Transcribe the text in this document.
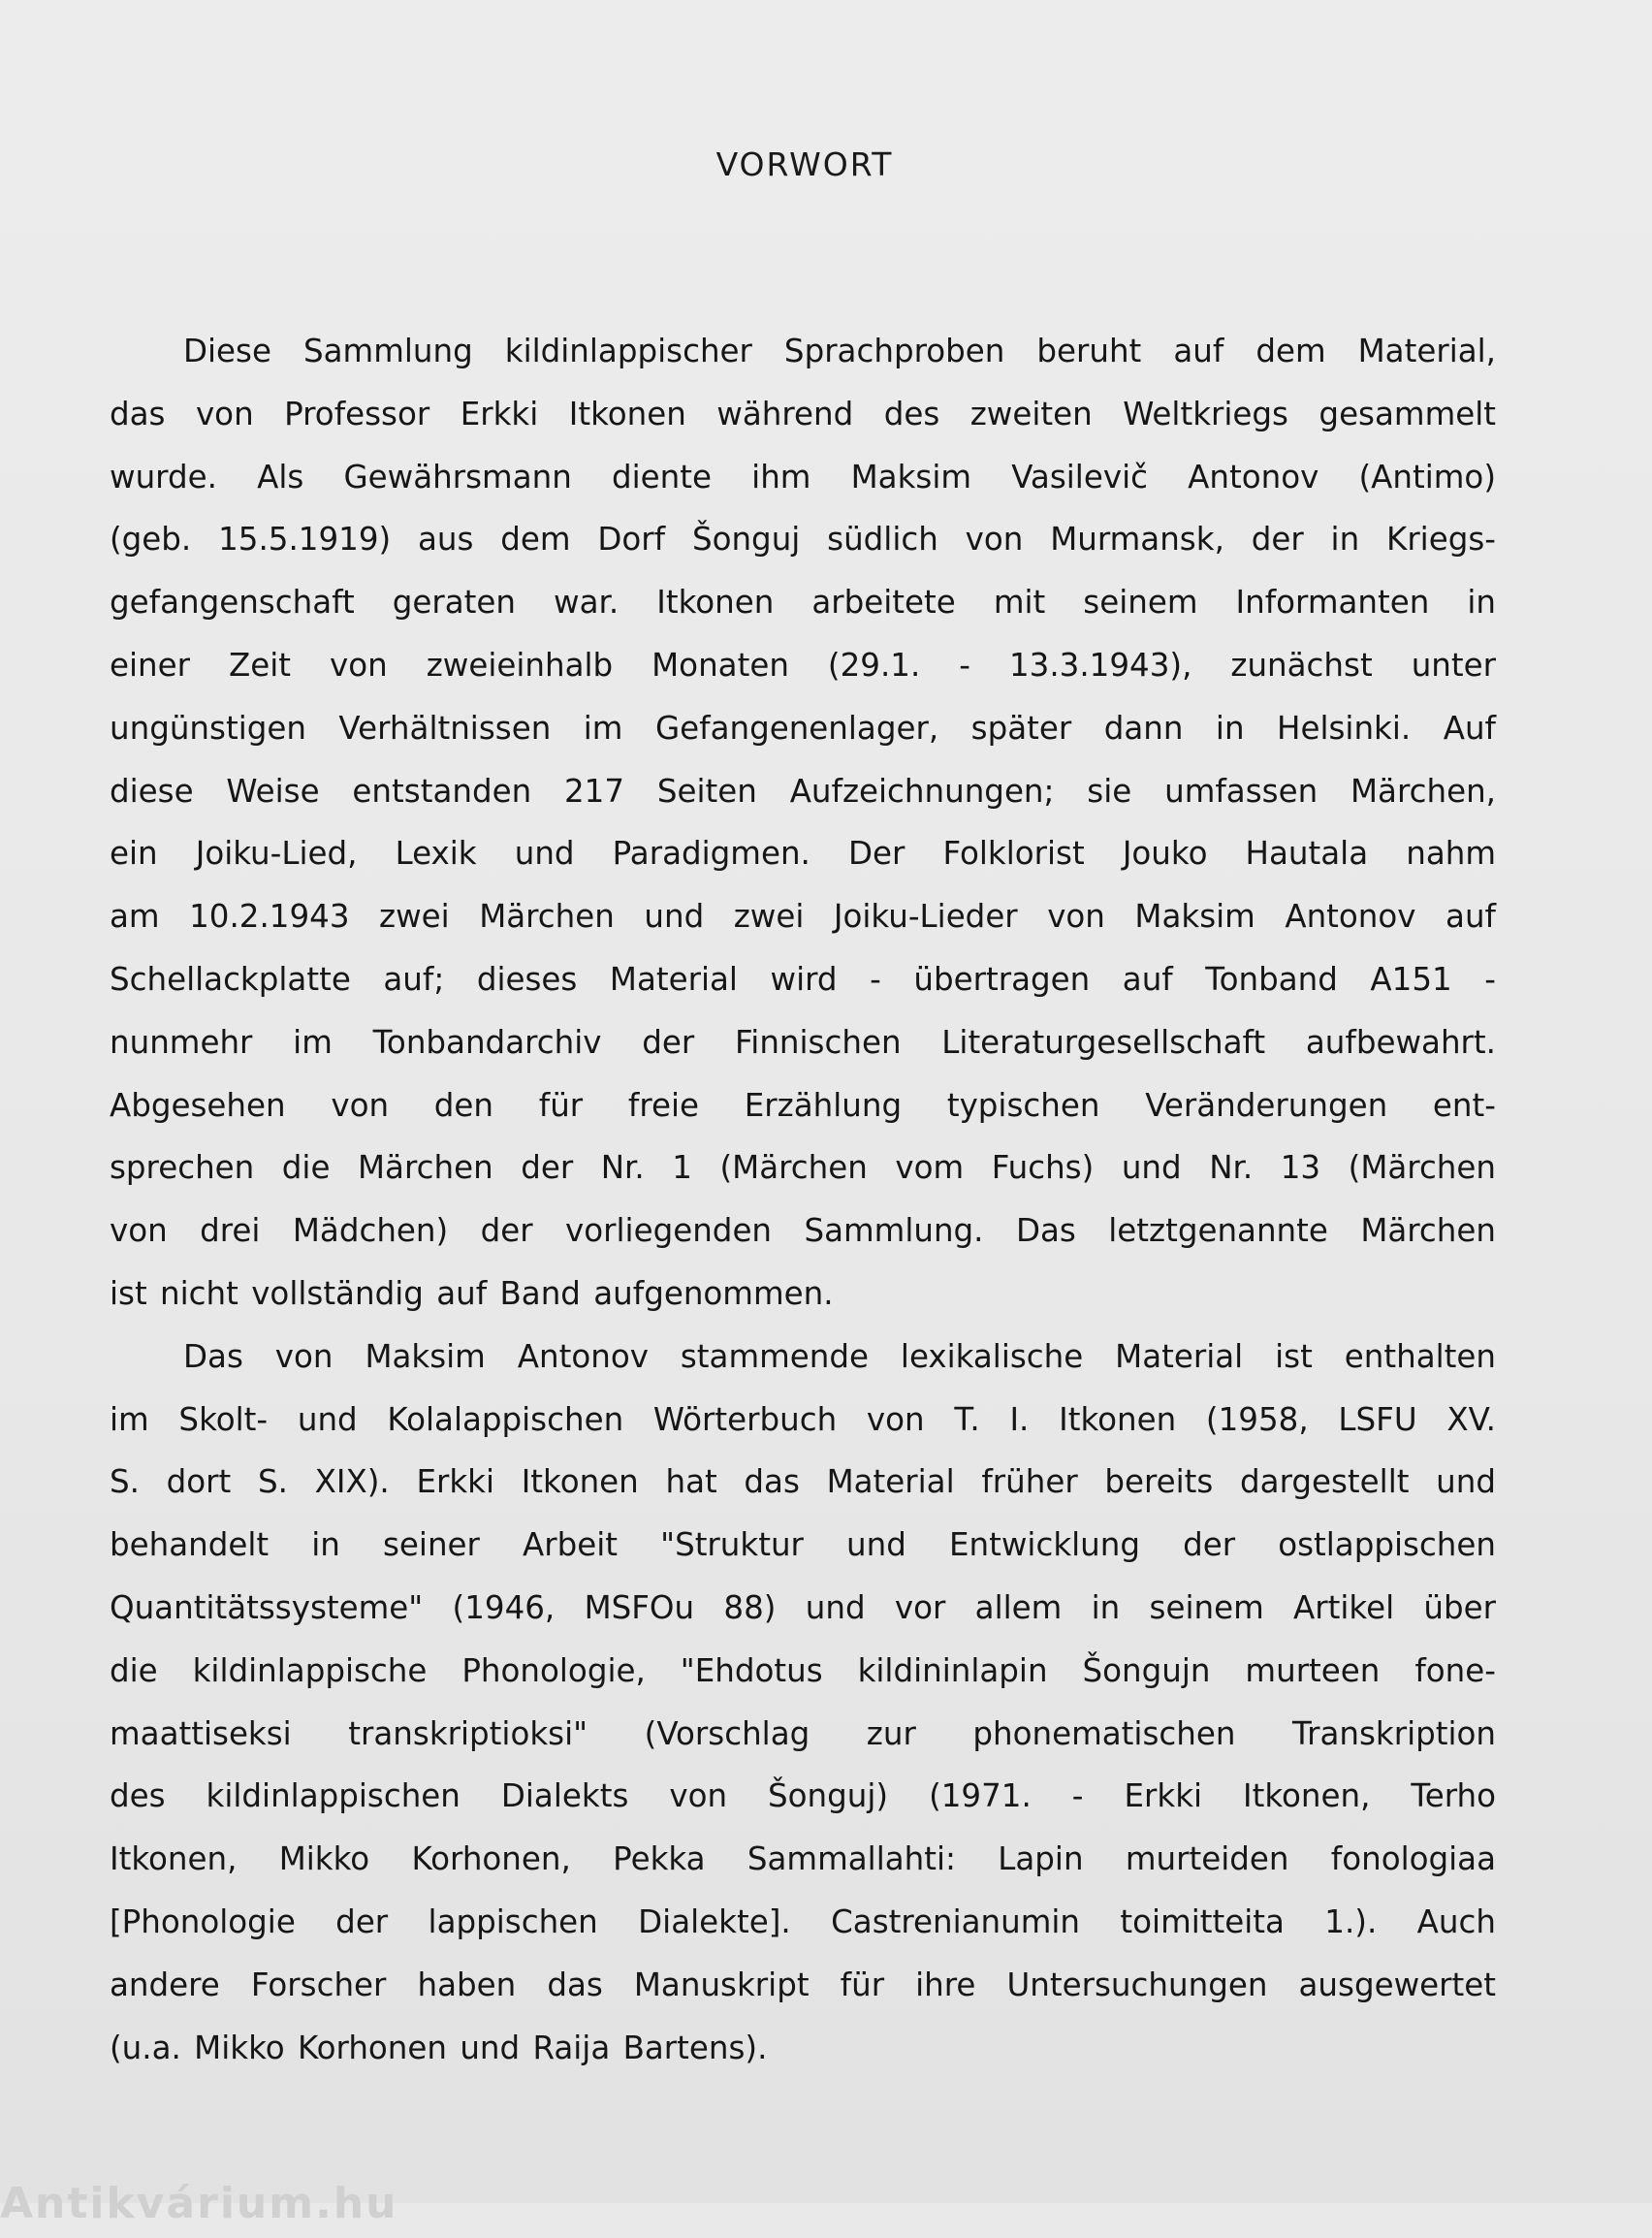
VORWORT
Diese Sammlung kildinlappischer Sprachproben beruht auf dem Material,
das von Professor Erkki Itkonen während des zweiten Weltkriegs gesammelt
wurde. Als Gewährsmann diente ihm Maksim Vasilevič Antonov (Antimo)
(geb. 15.5.1919) aus dem Dorf Šonguj südlich von Murmansk, der in Kriegs-
gefangenschaft geraten war. Itkonen arbeitete mit seinem Informanten in
einer Zeit von zweieinhalb Monaten (29.1. - 13.3.1943), zunächst unter
ungünstigen Verhältnissen im Gefangenenlager, später dann in Helsinki. Auf
diese Weise entstanden 217 Seiten Aufzeichnungen; sie umfassen Märchen,
ein Joiku-Lied, Lexik und Paradigmen. Der Folklorist Jouko Hautala nahm
am 10.2.1943 zwei Märchen und zwei Joiku-Lieder von Maksim Antonov auf
Schellackplatte auf; dieses Material wird - übertragen auf Tonband A151 -
nunmehr im Tonbandarchiv der Finnischen Literaturgesellschaft aufbewahrt.
Abgesehen von den für freie Erzählung typischen Veränderungen ent-
sprechen die Märchen der Nr. 1 (Märchen vom Fuchs) und Nr. 13 (Märchen
von drei Mädchen) der vorliegenden Sammlung. Das letztgenannte Märchen
ist nicht vollständig auf Band aufgenommen.
Das von Maksim Antonov stammende lexikalische Material ist enthalten
im Skolt- und Kolalappischen Wörterbuch von T. I. Itkonen (1958, LSFU XV.
S. dort S. XIX). Erkki Itkonen hat das Material früher bereits dargestellt und
behandelt in seiner Arbeit "Struktur und Entwicklung der ostlappischen
Quantitätssysteme" (1946, MSFOu 88) und vor allem in seinem Artikel über
die kildinlappische Phonologie, "Ehdotus kildininlapin Šongujn murteen fone-
maattiseksi transkriptioksi" (Vorschlag zur phonematischen Transkription
des kildinlappischen Dialekts von Šonguj) (1971. - Erkki Itkonen, Terho
Itkonen, Mikko Korhonen, Pekka Sammallahti: Lapin murteiden fonologiaa
[Phonologie der lappischen Dialekte]. Castrenianumin toimitteita 1.). Auch
andere Forscher haben das Manuskript für ihre Untersuchungen ausgewertet
(u.a. Mikko Korhonen und Raija Bartens).
Antikvárium.hu
